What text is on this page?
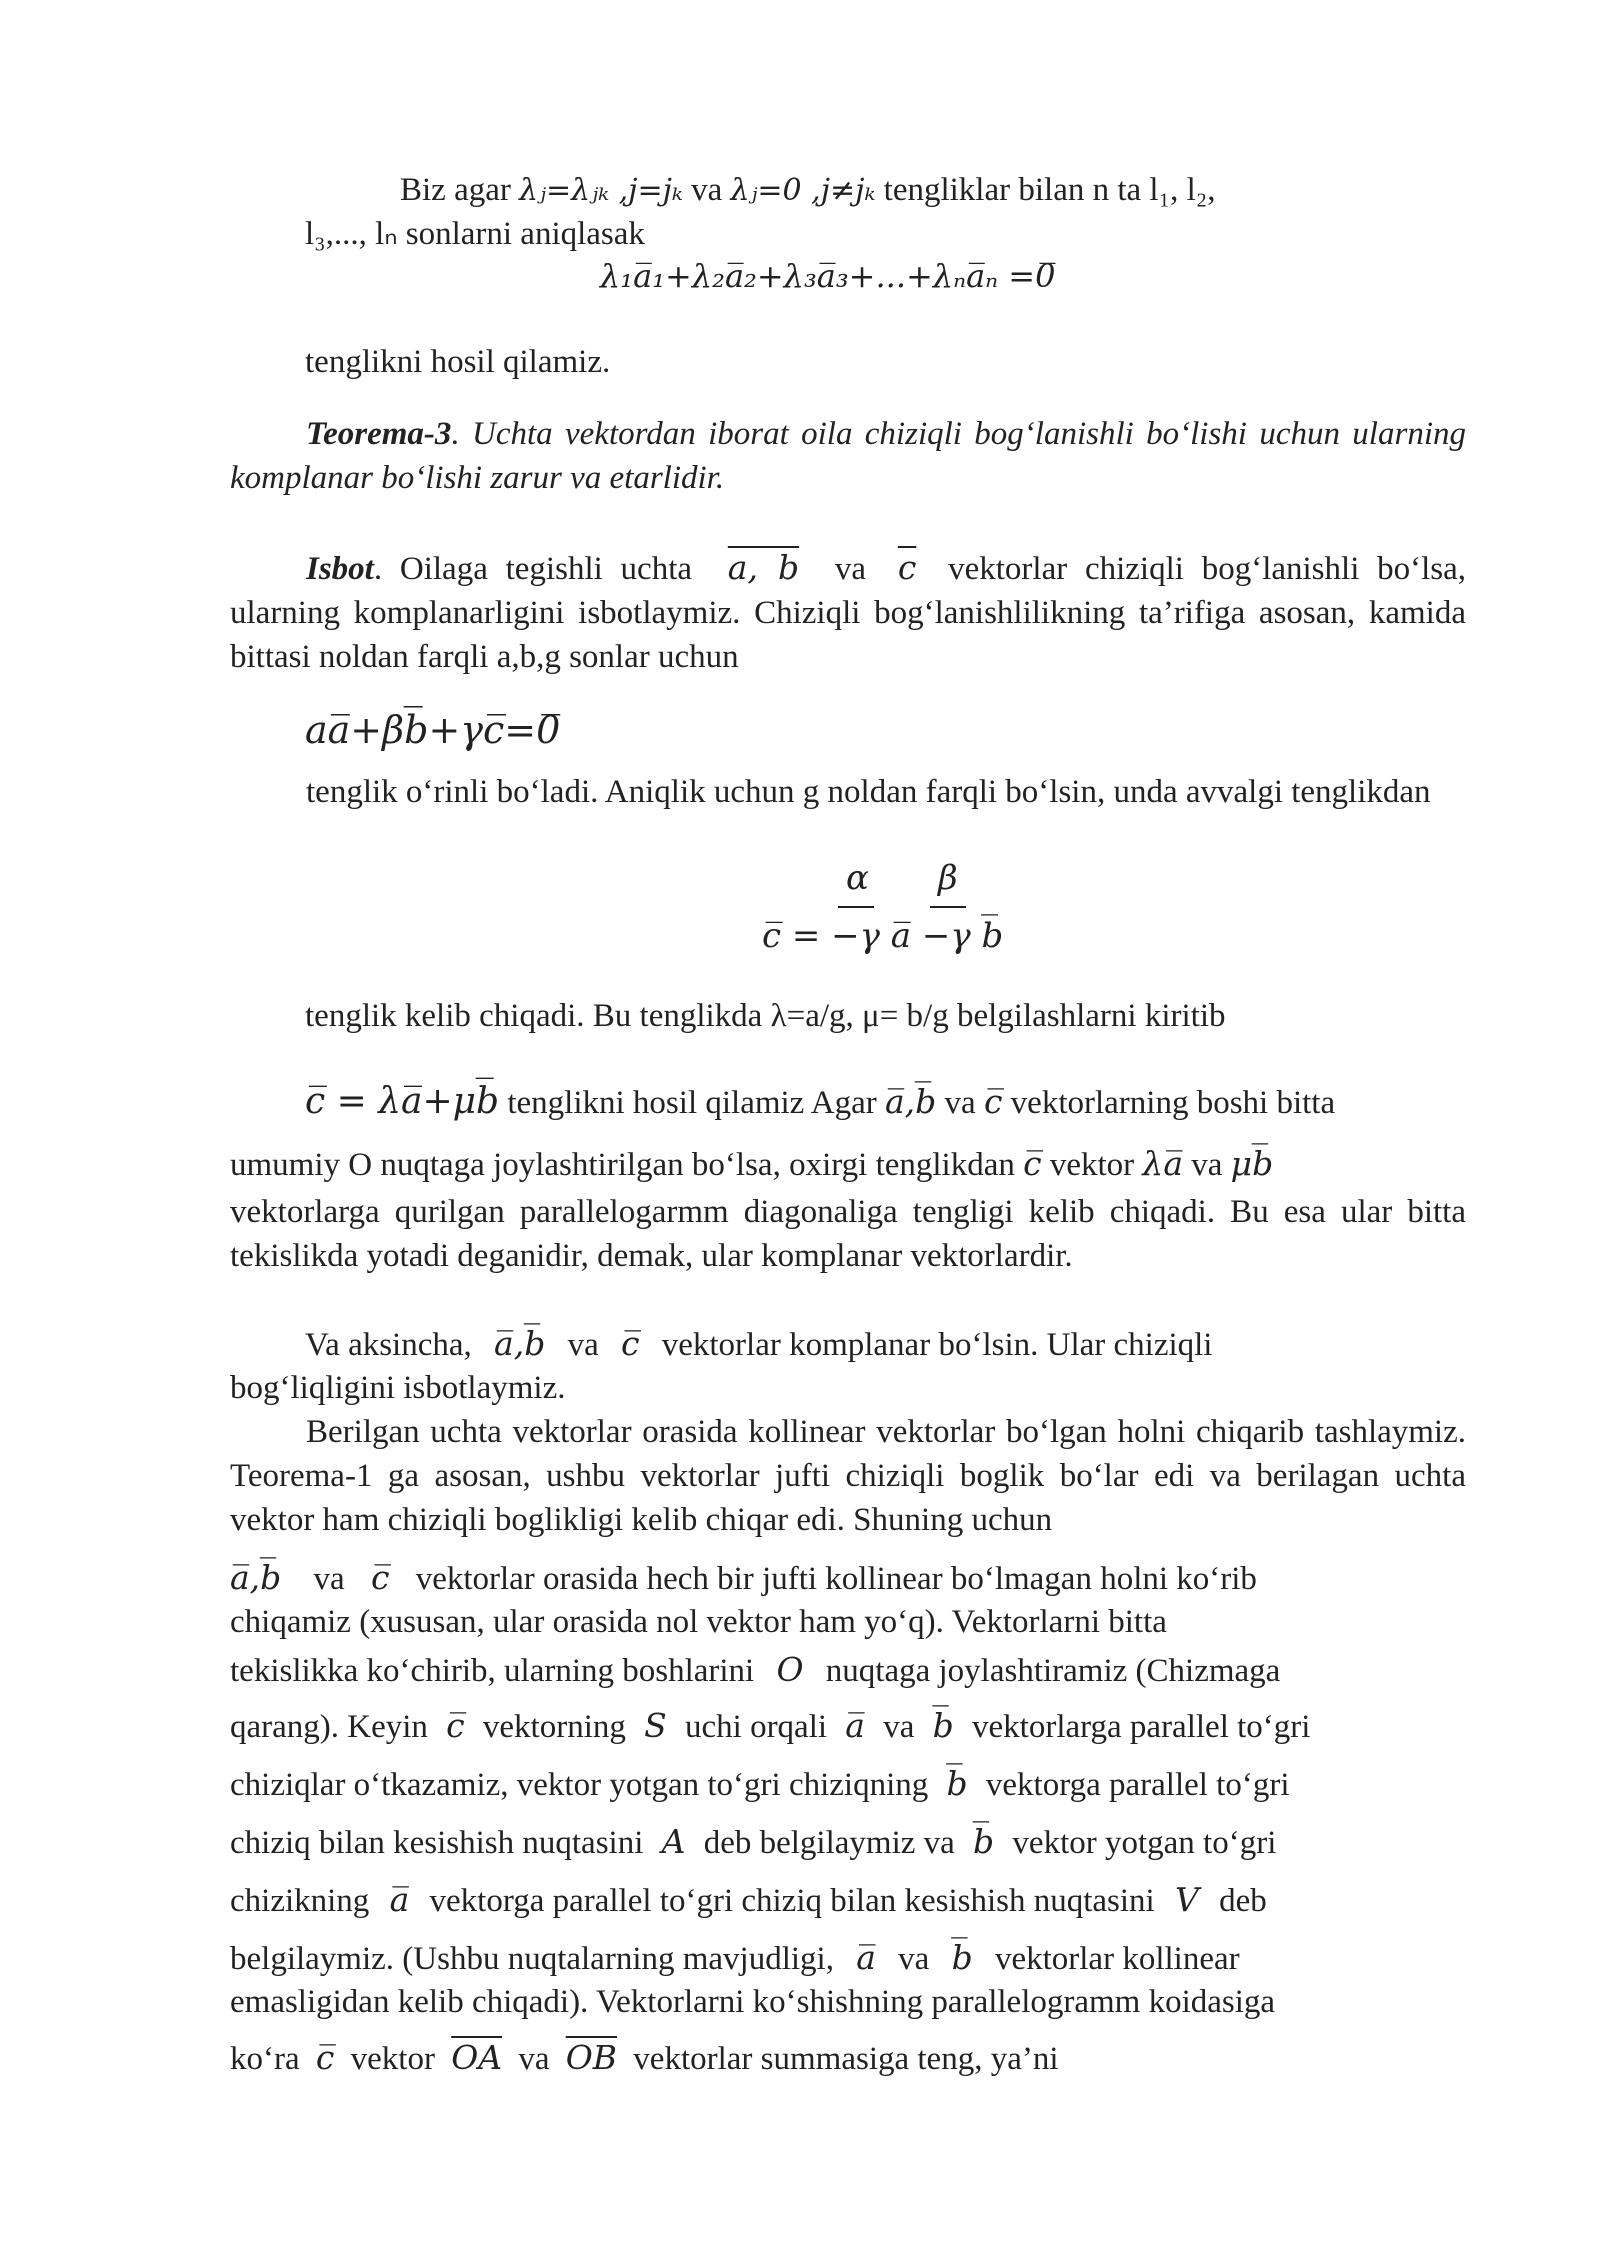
Biz agar λⱼ=λⱼₖ ,j=jₖ va λⱼ=0 ,j≠jₖ tengliklar bilan n ta l₁, l₂,
l₃,..., lₙ sonlarni aniqlasak
λ₁a̅₁+λ₂a̅₂+λ₃a̅₃+...+λₙa̅ₙ =0̅
tenglikni hosil qilamiz.
Teorema-3. Uchta vektordan iborat oila chiziqli bog‘lanishli bo‘lishi uchun ularning komplanar bo‘lishi zarur va etarlidir.
Isbot. Oilaga tegishli uchta a, b va $\overline{c}$ vektorlar chiziqli bog‘lanishli bo‘lsa, ularning komplanarligini isbotlaymiz. Chiziqli bog‘lanishlilikning ta’rifiga asosan, kamida bittasi noldan farqli a,b,g sonlar uchun
aa̅+βb̅+γc̅=0̅
tenglik o‘rinli bo‘ladi. Aniqlik uchun g noldan farqli bo‘lsin, unda avvalgi tenglikdan
α β
c̅ = −γ a̅ −γ b̅
tenglik kelib chiqadi. Bu tenglikda λ=a/g, μ= b/g belgilashlarni kiritib
c̅ = λa̅+μb̅ tenglikni hosil qilamiz Agar a̅,b̅ va c̅ vektorlarning boshi bitta
umumiy O nuqtaga joylashtirilgan bo‘lsa, oxirgi tenglikdan c̅ vektor λa̅ va μb̅
vektorlarga qurilgan parallelogarmm diagonaliga tengligi kelib chiqadi. Bu esa ular bitta tekislikda yotadi deganidir, demak, ular komplanar vektorlardir.
Va aksincha, a̅,b̅ va c̅ vektorlar komplanar bo‘lsin. Ular chiziqli
bog‘liqligini isbotlaymiz.
Berilgan uchta vektorlar orasida kollinear vektorlar bo‘lgan holni chiqarib tashlaymiz. Teorema-1 ga asosan, ushbu vektorlar jufti chiziqli boglik bo‘lar edi va berilagan uchta vektor ham chiziqli boglikligi kelib chiqar edi. Shuning uchun
a̅,b̅ va c̅ vektorlar orasida hech bir jufti kollinear bo‘lmagan holni ko‘rib
chiqamiz (xususan, ular orasida nol vektor ham yo‘q). Vektorlarni bitta
tekislikka ko‘chirib, ularning boshlarini O nuqtaga joylashtiramiz (Chizmaga
qarang). Keyin c̅ vektorning S uchi orqali a̅ va b̅ vektorlarga parallel to‘gri
chiziqlar o‘tkazamiz, vektor yotgan to‘gri chiziqning b̅ vektorga parallel to‘gri
chiziq bilan kesishish nuqtasini A deb belgilaymiz va b̅ vektor yotgan to‘gri
chizikning a̅ vektorga parallel to‘gri chiziq bilan kesishish nuqtasini V deb
belgilaymiz. (Ushbu nuqtalarning mavjudligi, a̅ va b̅ vektorlar kollinear
emasligidan kelib chiqadi). Vektorlarni ko‘shishning parallelogramm koidasiga
ko‘ra c̅ vektor $\overline{OA}$ va $\overline{OB}$ vektorlar summasiga teng, ya’ni
